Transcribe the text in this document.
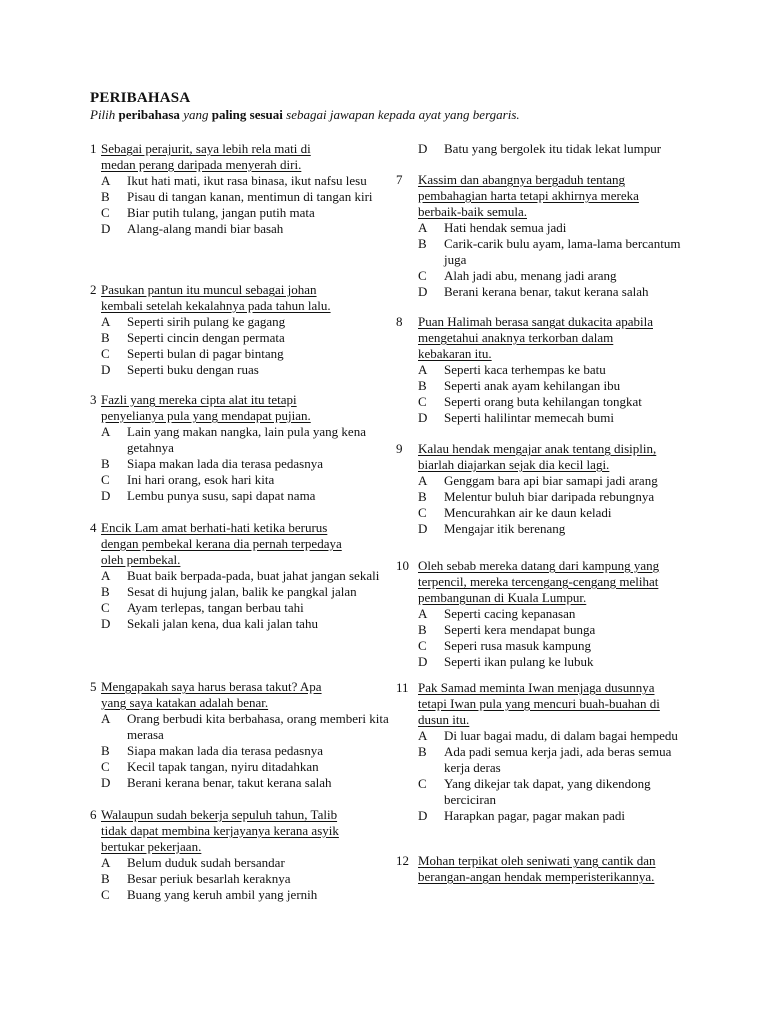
PERIBAHASA
Pilih peribahasa yang paling sesuai sebagai jawapan kepada ayat yang bergaris.
1 Sebagai perajurit, saya lebih rela mati di
medan perang daripada menyerah diri.
A Ikut hati mati, ikut rasa binasa, ikut nafsu lesu
B Pisau di tangan kanan, mentimun di tangan kiri
C Biar putih tulang, jangan putih mata
D Alang-alang mandi biar basah
2 Pasukan pantun itu muncul sebagai johan
kembali setelah kekalahnya pada tahun lalu.
A Seperti sirih pulang ke gagang
B Seperti cincin dengan permata
C Seperti bulan di pagar bintang
D Seperti buku dengan ruas
3 Fazli yang mereka cipta alat itu tetapi
penyelianya pula yang mendapat pujian.
A Lain yang makan nangka, lain pula yang kena getahnya
B Siapa makan lada dia terasa pedasnya
C Ini hari orang, esok hari kita
D Lembu punya susu, sapi dapat nama
4 Encik Lam amat berhati-hati ketika berurus
dengan pembekal kerana dia pernah terpedaya
oleh pembekal.
A Buat baik berpada-pada, buat jahat jangan sekali
B Sesat di hujung jalan, balik ke pangkal jalan
C Ayam terlepas, tangan berbau tahi
D Sekali jalan kena, dua kali jalan tahu
5 Mengapakah saya harus berasa takut? Apa
yang saya katakan adalah benar.
A Orang berbudi kita berbahasa, orang memberi kita merasa
B Siapa makan lada dia terasa pedasnya
C Kecil tapak tangan, nyiru ditadahkan
D Berani kerana benar, takut kerana salah
6 Walaupun sudah bekerja sepuluh tahun, Talib
tidak dapat membina kerjayanya kerana asyik
bertukar pekerjaan.
A Belum duduk sudah bersandar
B Besar periuk besarlah keraknya
C Buang yang keruh ambil yang jernih
D Batu yang bergolek itu tidak lekat lumpur
7	Kassim dan abangnya bergaduh tentang
pembahagian harta tetapi akhirnya mereka
berbaik-baik semula.
A Hati hendak semua jadi
B Carik-carik bulu ayam, lama-lama bercantum juga
C Alah jadi abu, menang jadi arang
D Berani kerana benar, takut kerana salah
8	Puan Halimah berasa sangat dukacita apabila
mengetahui anaknya terkorban dalam
kebakaran itu.
A Seperti kaca terhempas ke batu
B Seperti anak ayam kehilangan ibu
C Seperti orang buta kehilangan tongkat
D Seperti halilintar memecah bumi
9	Kalau hendak mengajar anak tentang disiplin,
biarlah diajarkan sejak dia kecil lagi.
A Genggam bara api biar samapi jadi arang
B Melentur buluh biar daripada rebungnya
C Mencurahkan air ke daun keladi
D Mengajar itik berenang
10 Oleh sebab mereka datang dari kampung yang
terpencil, mereka tercengang-cengang melihat
pembangunan di Kuala Lumpur.
A Seperti cacing kepanasan
B Seperti kera mendapat bunga
C Seperi rusa masuk kampung
D Seperti ikan pulang ke lubuk
11 Pak Samad meminta Iwan menjaga dusunnya
tetapi Iwan pula yang mencuri buah-buahan di
dusun itu.
A Di luar bagai madu, di dalam bagai hempedu
B Ada padi semua kerja jadi, ada beras semua kerja deras
C Yang dikejar tak dapat, yang dikendong berciciran
D Harapkan pagar, pagar makan padi
12 Mohan terpikat oleh seniwati yang cantik dan
berangan-angan hendak memperisterikannya.
